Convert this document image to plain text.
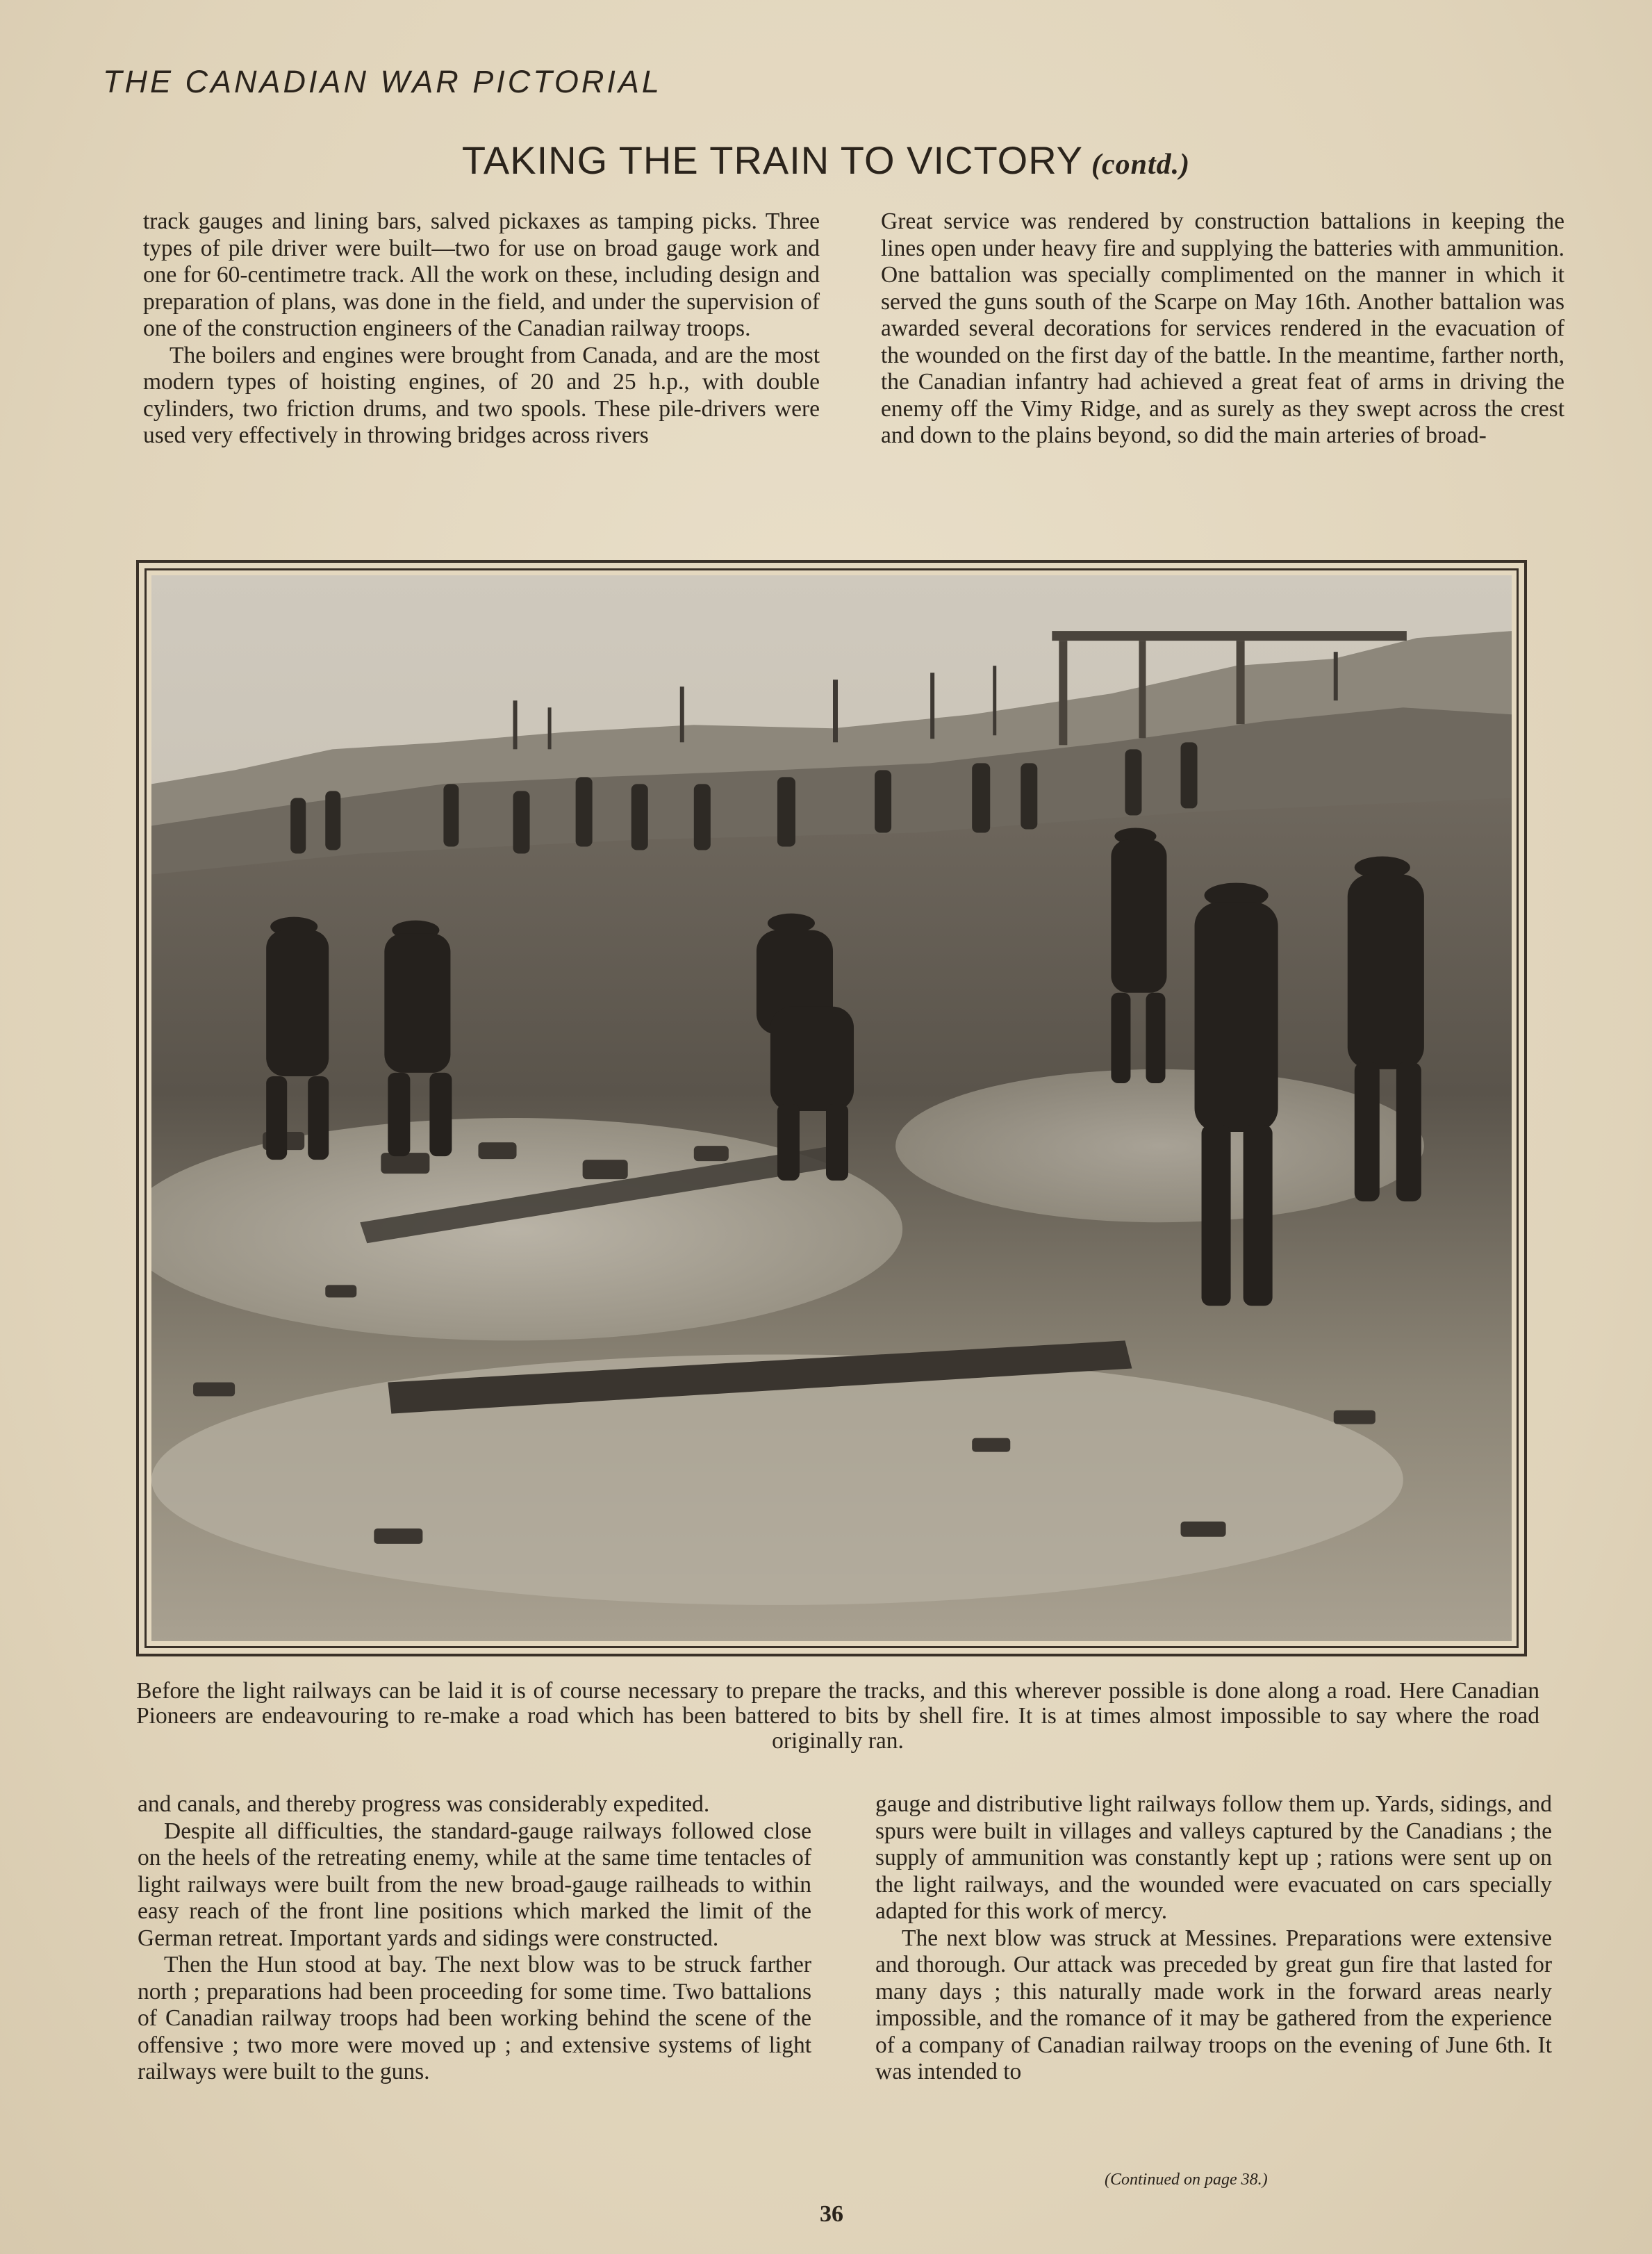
THE CANADIAN WAR PICTORIAL
TAKING THE TRAIN TO VICTORY (contd.)

track gauges and lining bars, salved pickaxes as tamping picks. Three types of pile driver were built—two for use on broad gauge work and one for 60-centimetre track. All the work on these, including design and preparation of plans, was done in the field, and under the supervision of one of the construction engineers of the Canadian railway troops.

The boilers and engines were brought from Canada, and are the most modern types of hoisting engines, of 20 and 25 h.p., with double cylinders, two friction drums, and two spools. These pile-drivers were used very effectively in throwing bridges across rivers

Great service was rendered by construction battalions in keeping the lines open under heavy fire and supplying the batteries with ammunition. One battalion was specially complimented on the manner in which it served the guns south of the Scarpe on May 16th. Another battalion was awarded several decorations for services rendered in the evacuation of the wounded on the first day of the battle. In the meantime, farther north, the Canadian infantry had achieved a great feat of arms in driving the enemy off the Vimy Ridge, and as surely as they swept across the crest and down to the plains beyond, so did the main arteries of broad-

Before the light railways can be laid it is of course necessary to prepare the tracks, and this wherever possible is done along a road. Here Canadian Pioneers are endeavouring to re-make a road which has been battered to bits by shell fire. It is at times almost impossible to say where the road originally ran.

and canals, and thereby progress was considerably expedited.

Despite all difficulties, the standard-gauge railways followed close on the heels of the retreating enemy, while at the same time tentacles of light railways were built from the new broad-gauge railheads to within easy reach of the front line positions which marked the limit of the German retreat. Important yards and sidings were constructed.

Then the Hun stood at bay. The next blow was to be struck farther north ; preparations had been proceeding for some time. Two battalions of Canadian railway troops had been working behind the scene of the offensive ; two more were moved up ; and extensive systems of light railways were built to the guns.

gauge and distributive light railways follow them up. Yards, sidings, and spurs were built in villages and valleys captured by the Canadians ; the supply of ammunition was constantly kept up ; rations were sent up on the light railways, and the wounded were evacuated on cars specially adapted for this work of mercy.

The next blow was struck at Messines. Preparations were extensive and thorough. Our attack was preceded by great gun fire that lasted for many days ; this naturally made work in the forward areas nearly impossible, and the romance of it may be gathered from the experience of a company of Canadian railway troops on the evening of June 6th. It was intended to

(Continued on page 38.)
36
